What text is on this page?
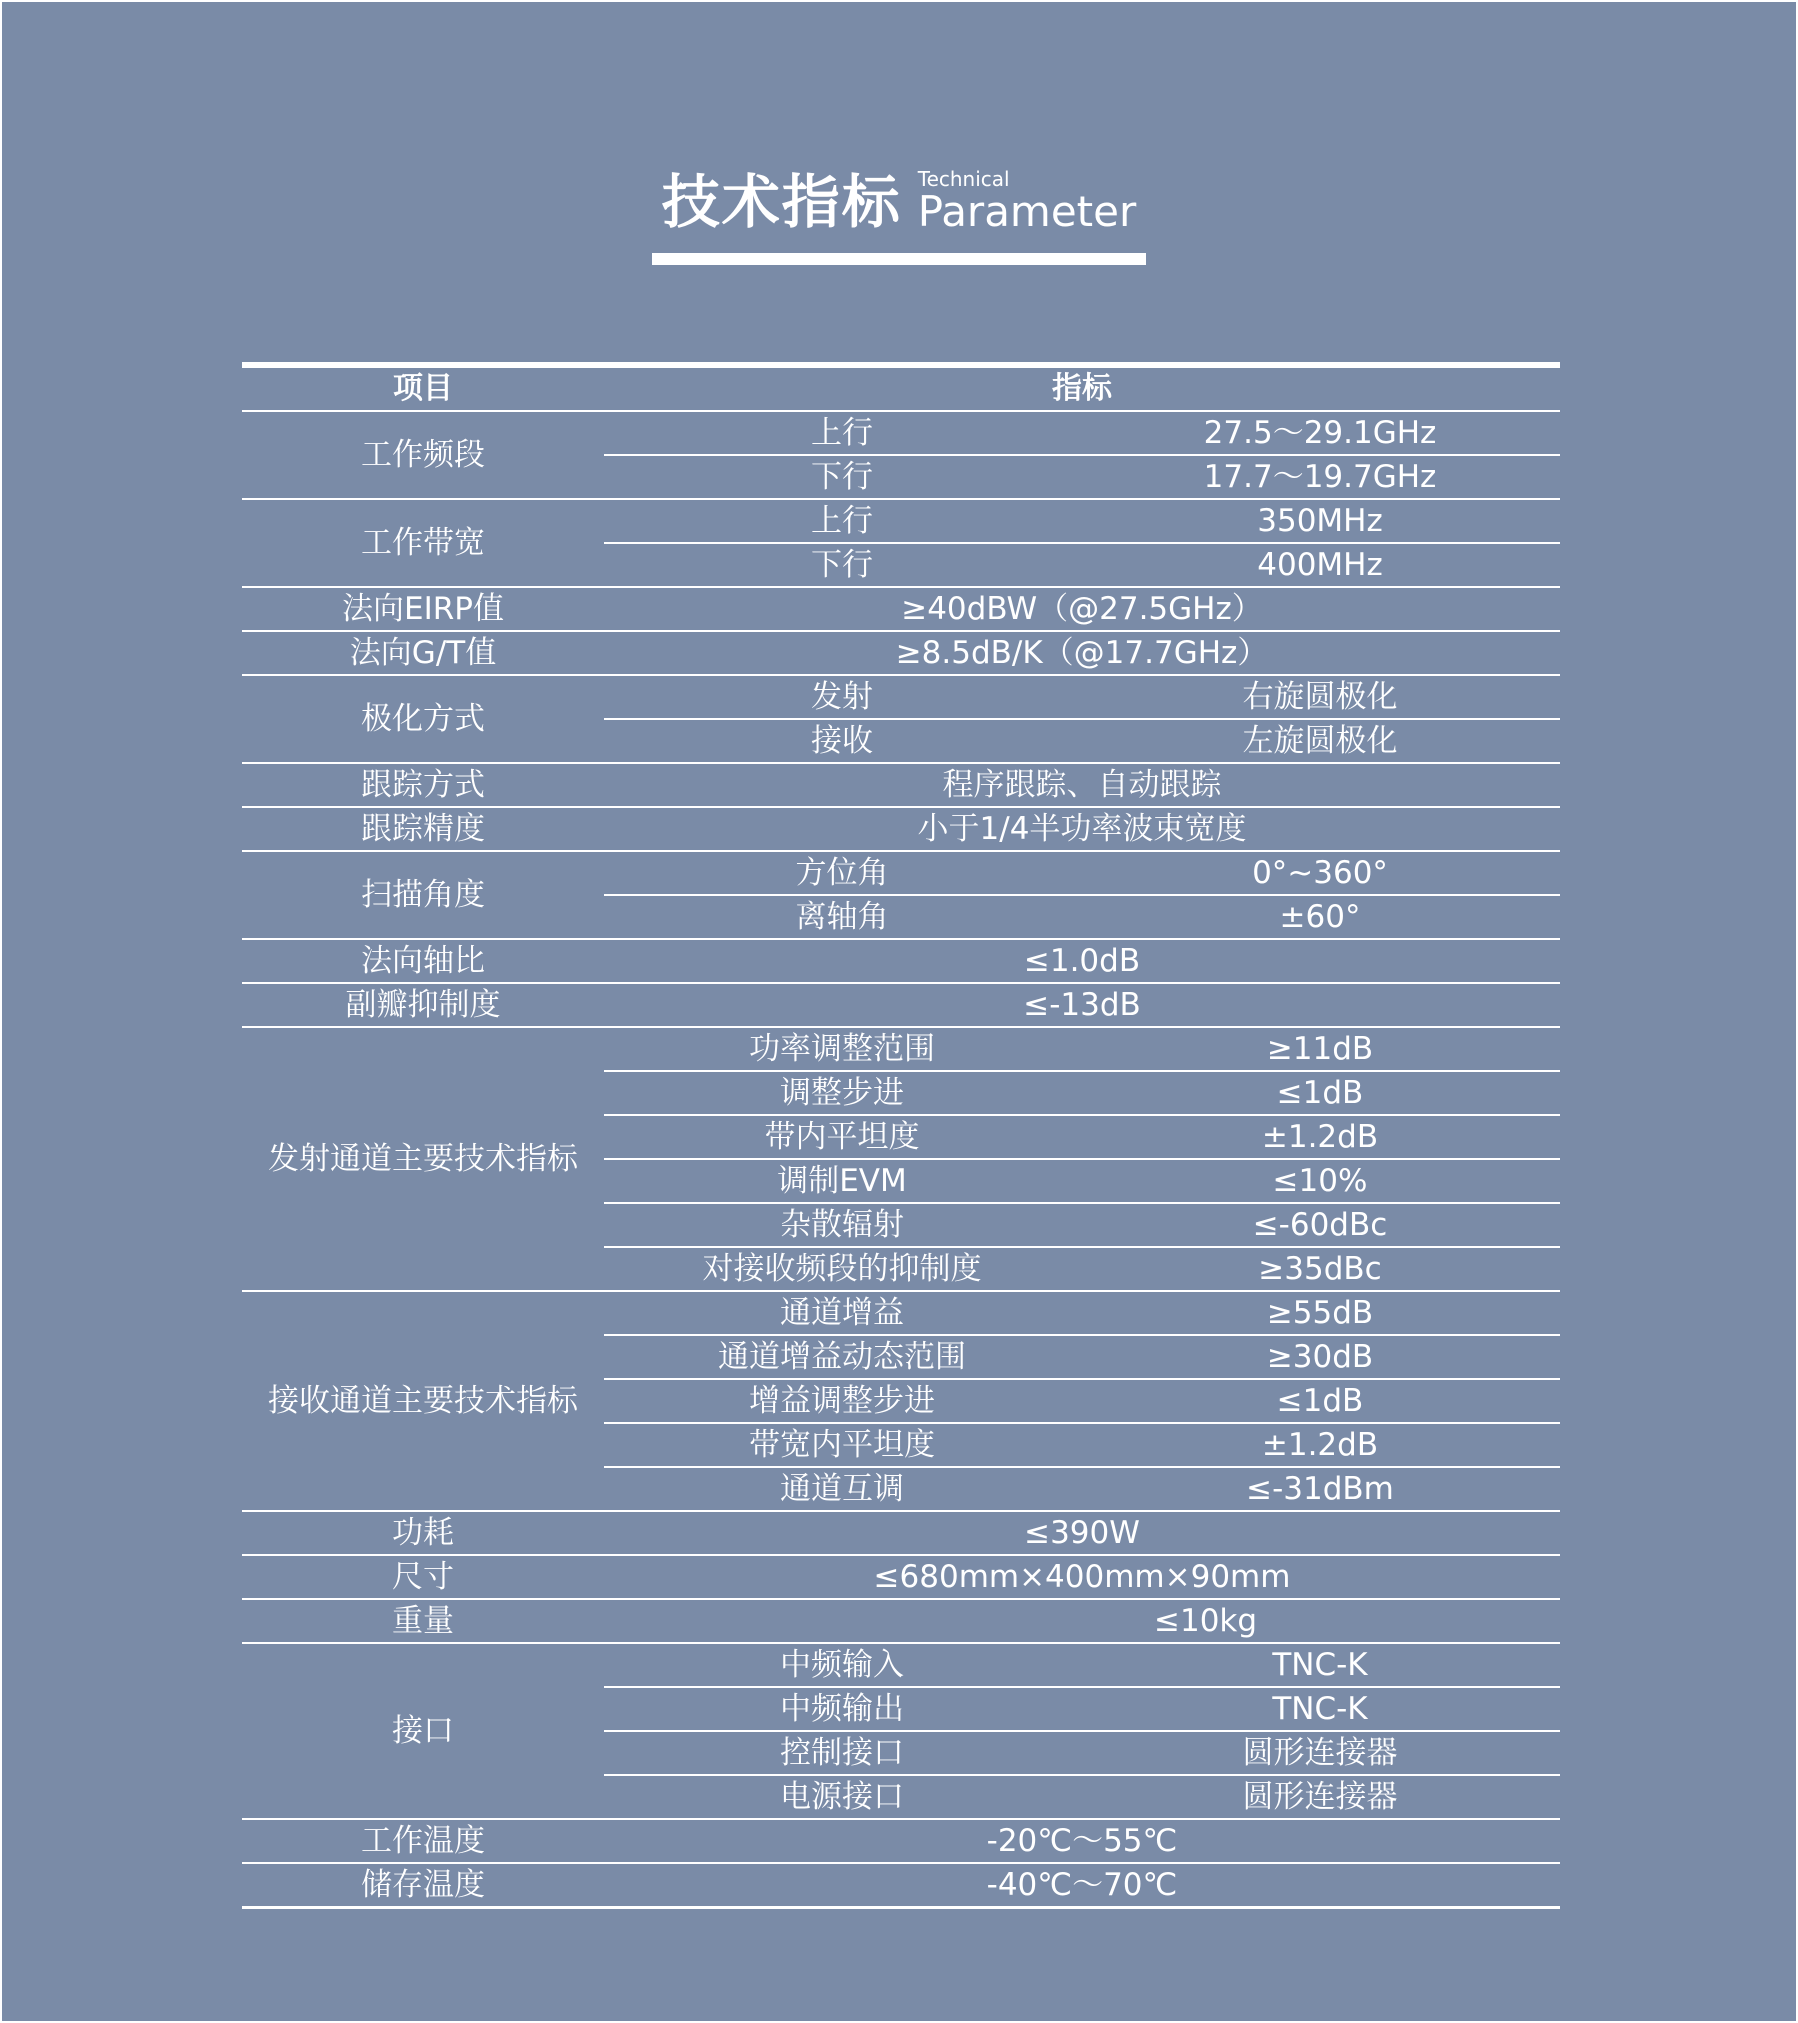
技术指标 Technical
Parameter
项目	指标	
工作频段	上行	27.5～29.1GHz
	下行	17.7～19.7GHz
工作带宽	上行	350MHz
	下行	400MHz
法向EIRP值	≥40dBW（@27.5GHz）	
法向G/T值	≥8.5dB/K（@17.7GHz）	
极化方式	发射	右旋圆极化
	接收	左旋圆极化
跟踪方式	程序跟踪、自动跟踪	
跟踪精度	小于1/4半功率波束宽度	
扫描角度	方位角	0°~360°
	离轴角	±60°
法向轴比	≤1.0dB	
副瓣抑制度	≤-13dB	
发射通道主要技术指标	功率调整范围	≥11dB
	调整步进	≤1dB
	带内平坦度	±1.2dB
	调制EVM	≤10%
	杂散辐射	≤-60dBc
	对接收频段的抑制度	≥35dBc
接收通道主要技术指标	通道增益	≥55dB
	通道增益动态范围	≥30dB
	增益调整步进	≤1dB
	带宽内平坦度	±1.2dB
	通道互调	≤-31dBm
功耗	≤390W	
尺寸	≤680mm×400mm×90mm	
重量	≤10kg	
接口	中频输入	TNC-K
	中频输出	TNC-K
	控制接口	圆形连接器
	电源接口	圆形连接器
工作温度	-20℃～55℃	
储存温度	-40℃～70℃	
